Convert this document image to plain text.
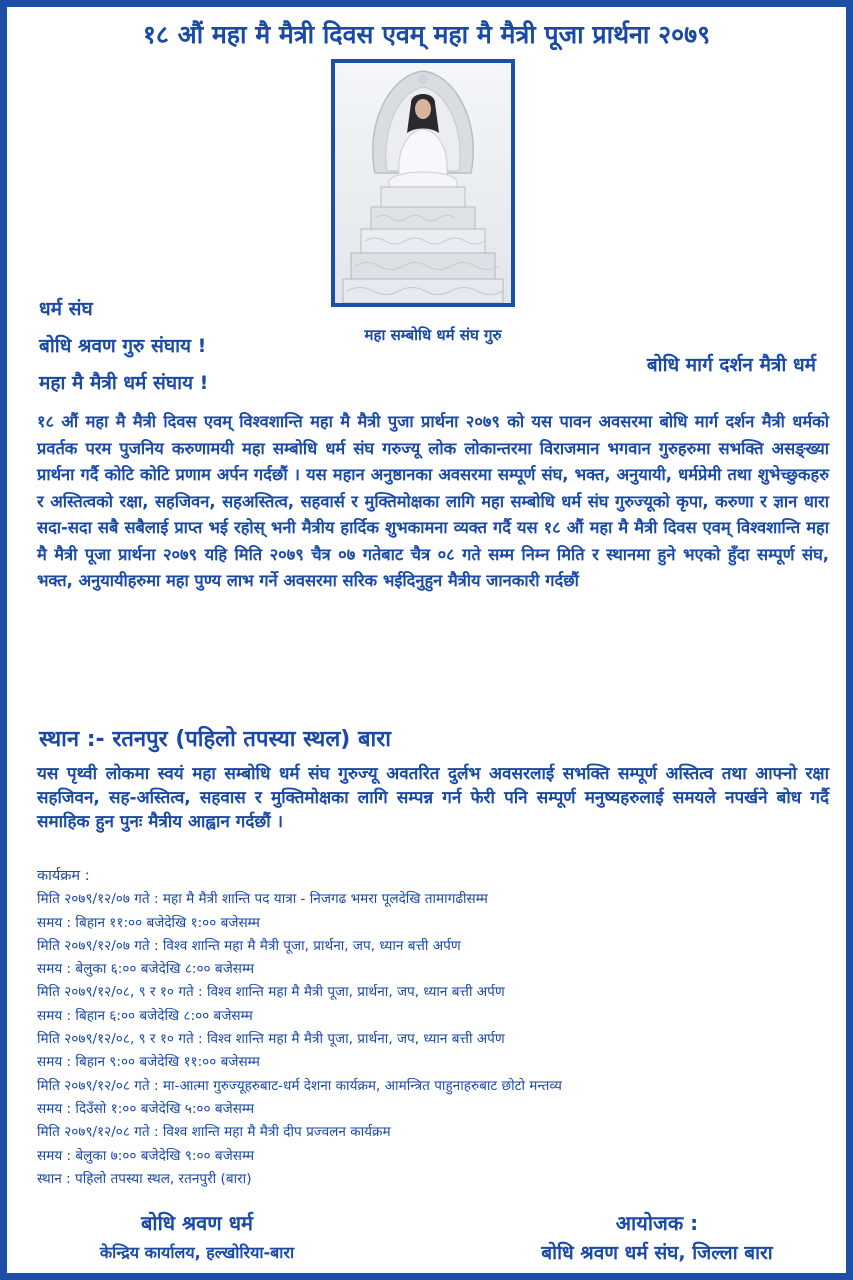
१८ औं महा मै मैत्री दिवस एवम् महा मै मैत्री पूजा प्रार्थना २०७९
महा सम्बोधि धर्म संघ गुरु
धर्म संघ
बोधि श्रवण गुरु संघाय !
महा मै मैत्री धर्म संघाय !
बोधि मार्ग दर्शन मैत्री धर्म
१८ औं महा मै मैत्री दिवस एवम् विश्वशान्ति महा मै मैत्री पुजा प्रार्थना २०७९ को यस पावन अवसरमा बोधि मार्ग दर्शन मैत्री धर्मको प्रवर्तक परम पुजनिय करुणामयी महा सम्बोधि धर्म संघ गरुज्यू लोक लोकान्तरमा विराजमान भगवान गुरुहरुमा सभक्ति असङ्ख्या प्रार्थना गर्दै कोटि कोटि प्रणाम अर्पन गर्दछौं । यस महान अनुष्ठानका अवसरमा सम्पूर्ण संघ, भक्त, अनुयायी, धर्मप्रेमी तथा शुभेच्छुकहरु र अस्तित्वको रक्षा, सहजिवन, सहअस्तित्व, सहवार्स र मुक्तिमोक्षका लागि महा सम्बोधि धर्म संघ गुरुज्यूको कृपा, करुणा र ज्ञान धारा सदा-सदा सबै सबैलाई प्राप्त भई रहोस् भनी मैत्रीय हार्दिक शुभकामना व्यक्त गर्दै यस १८ औं महा मै मैत्री दिवस एवम् विश्वशान्ति महा मै मैत्री पूजा प्रार्थना २०७९ यहि मिति २०७९ चैत्र ०७ गतेबाट चैत्र ०८ गते सम्म निम्न मिति र स्थानमा हुने भएको हुँदा सम्पूर्ण संघ, भक्त, अनुयायीहरुमा महा पुण्य लाभ गर्ने अवसरमा सरिक भईदिनुहुन मैत्रीय जानकारी गर्दछौं
स्थान :- रतनपुर (पहिलो तपस्या स्थल) बारा
यस पृथ्वी लोकमा स्वयं महा सम्बोधि धर्म संघ गुरुज्यू अवतरित दुर्लभ अवसरलाई सभक्ति सम्पूर्ण अस्तित्व तथा आफ्नो रक्षा सहजिवन, सह-अस्तित्व, सहवास र मुक्तिमोक्षका लागि सम्पन्न गर्न फेरी पनि सम्पूर्ण मनुष्यहरुलाई समयले नपर्खने बोध गर्दै समाहिक हुन पुनः मैत्रीय आह्वान गर्दछौं ।
कार्यक्रम :
मिति २०७९/१२/०७ गते : महा मै मैत्री शान्ति पद यात्रा - निजगढ भमरा पूलदेखि तामागढीसम्म
समय : बिहान ११:०० बजेदेखि १:०० बजेसम्म
मिति २०७९/१२/०७ गते : विश्व शान्ति महा मै मैत्री पूजा, प्रार्थना, जप, ध्यान बत्ती अर्पण
समय : बेलुका ६:०० बजेदेखि ८:०० बजेसम्म
मिति २०७९/१२/०८, ९ र १० गते : विश्व शान्ति महा मै मैत्री पूजा, प्रार्थना, जप, ध्यान बत्ती अर्पण
समय : बिहान ६:०० बजेदेखि ८:०० बजेसम्म
मिति २०७९/१२/०८, ९ र १० गते : विश्व शान्ति महा मै मैत्री पूजा, प्रार्थना, जप, ध्यान बत्ती अर्पण
समय : बिहान ९:०० बजेदेखि ११:०० बजेसम्म
मिति २०७९/१२/०८ गते : मा-आत्मा गुरुज्यूहरुबाट-धर्म देशना कार्यक्रम, आमन्त्रित पाहुनाहरुबाट छोटो मन्तव्य
समय : दिउँसो १:०० बजेदेखि ५:०० बजेसम्म
मिति २०७९/१२/०८ गते : विश्व शान्ति महा मै मैत्री दीप प्रज्वलन कार्यक्रम
समय : बेलुका ७:०० बजेदेखि ९:०० बजेसम्म
स्थान : पहिलो तपस्या स्थल, रतनपुरी (बारा)
बोधि श्रवण धर्म
केन्द्रिय कार्यालय, हल्खोरिया-बारा
आयोजक :
बोधि श्रवण धर्म संघ, जिल्ला बारा
